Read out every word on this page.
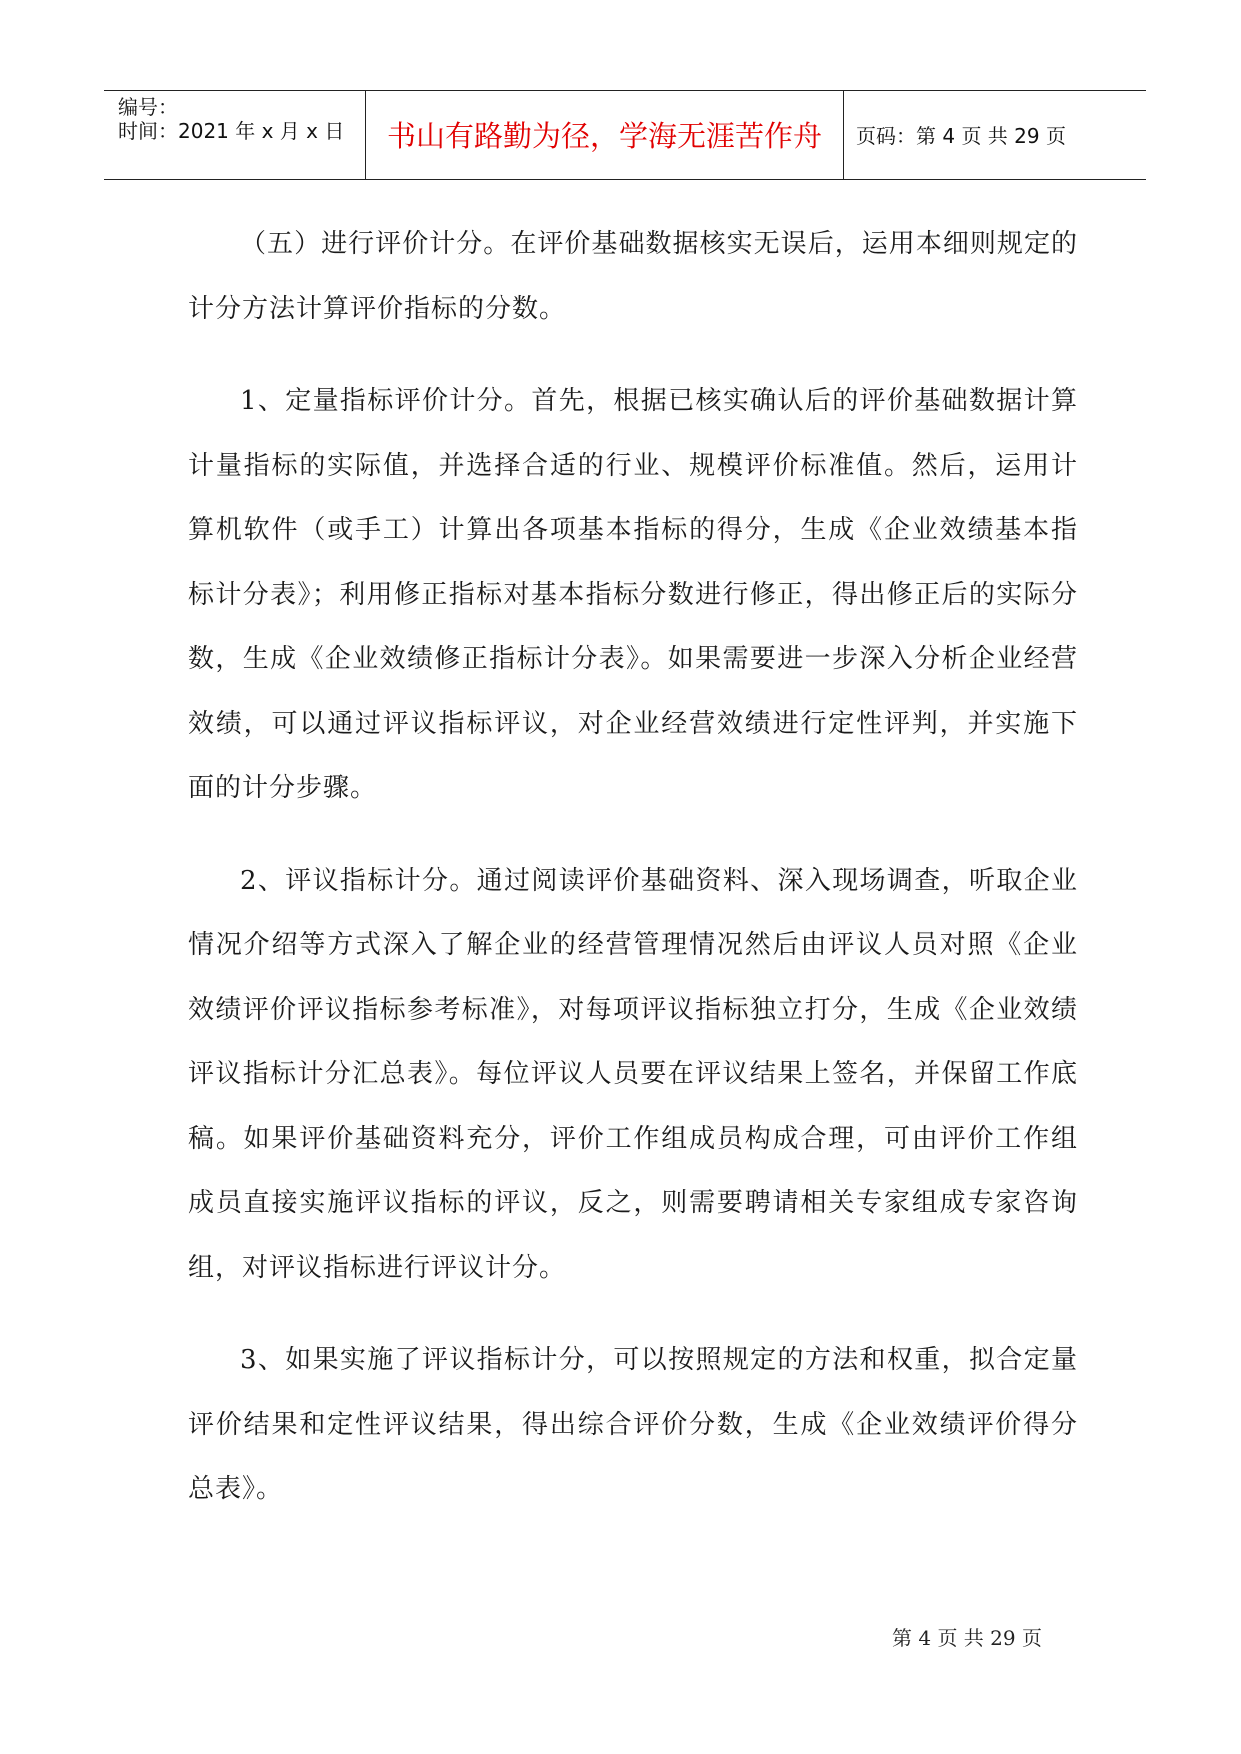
编号：
时间：2021 年 x 月 x 日	书山有路勤为径，学海无涯苦作舟	页码：第 4 页 共 29 页

（五）进行评价计分。在评价基础数据核实无误后，运用本细则规定的计分方法计算评价指标的分数。

1、定量指标评价计分。首先，根据已核实确认后的评价基础数据计算计量指标的实际值，并选择合适的行业、规模评价标准值。然后，运用计算机软件（或手工）计算出各项基本指标的得分，生成《企业效绩基本指标计分表》；利用修正指标对基本指标分数进行修正，得出修正后的实际分数，生成《企业效绩修正指标计分表》。如果需要进一步深入分析企业经营效绩，可以通过评议指标评议，对企业经营效绩进行定性评判，并实施下面的计分步骤。

2、评议指标计分。通过阅读评价基础资料、深入现场调查，听取企业情况介绍等方式深入了解企业的经营管理情况然后由评议人员对照《企业效绩评价评议指标参考标准》，对每项评议指标独立打分，生成《企业效绩评议指标计分汇总表》。每位评议人员要在评议结果上签名，并保留工作底稿。如果评价基础资料充分，评价工作组成员构成合理，可由评价工作组成员直接实施评议指标的评议，反之，则需要聘请相关专家组成专家咨询组，对评议指标进行评议计分。

3、如果实施了评议指标计分，可以按照规定的方法和权重，拟合定量评价结果和定性评议结果，得出综合评价分数，生成《企业效绩评价得分总表》。

第 4 页 共 29 页
